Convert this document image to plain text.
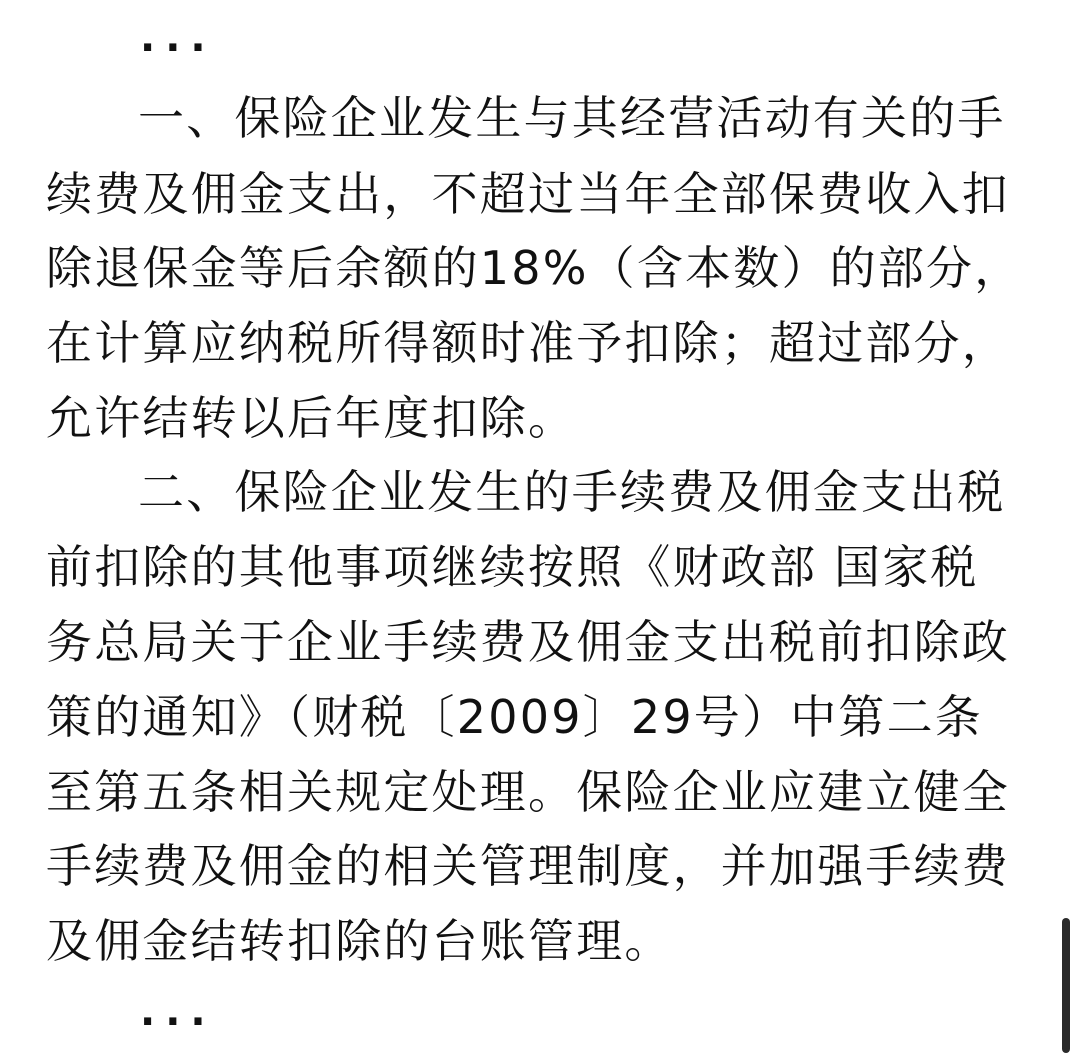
...
一、保险企业发生与其经营活动有关的手
续费及佣金支出，不超过当年全部保费收入扣
除退保金等后余额的18%（含本数）的部分，
在计算应纳税所得额时准予扣除；超过部分，
允许结转以后年度扣除。
二、保险企业发生的手续费及佣金支出税
前扣除的其他事项继续按照《财政部 国家税
务总局关于企业手续费及佣金支出税前扣除政
策的通知》（财税〔2009〕29号）中第二条
至第五条相关规定处理。保险企业应建立健全
手续费及佣金的相关管理制度，并加强手续费
及佣金结转扣除的台账管理。
...
